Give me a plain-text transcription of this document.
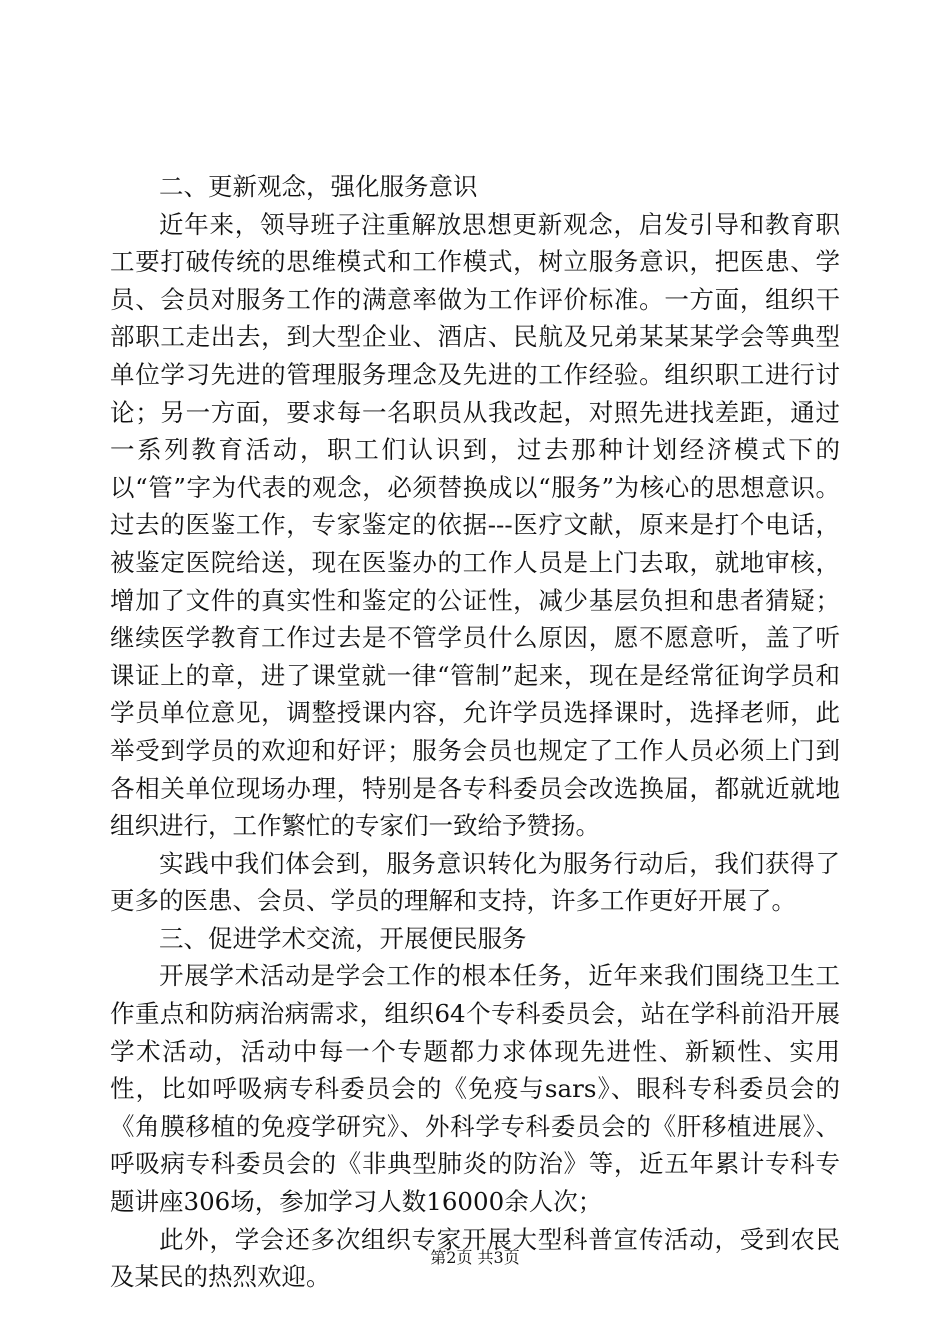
二、更新观念，强化服务意识

近年来，领导班子注重解放思想更新观念，启发引导和教育职工要打破传统的思维模式和工作模式，树立服务意识，把医患、学员、会员对服务工作的满意率做为工作评价标准。一方面，组织干部职工走出去，到大型企业、酒店、民航及兄弟某某某学会等典型单位学习先进的管理服务理念及先进的工作经验。组织职工进行讨论；另一方面，要求每一名职员从我改起，对照先进找差距，通过一系列教育活动，职工们认识到，过去那种计划经济模式下的以“管”字为代表的观念，必须替换成以“服务”为核心的思想意识。过去的医鉴工作，专家鉴定的依据---医疗文献，原来是打个电话，被鉴定医院给送，现在医鉴办的工作人员是上门去取，就地审核，增加了文件的真实性和鉴定的公证性，减少基层负担和患者猜疑；继续医学教育工作过去是不管学员什么原因，愿不愿意听，盖了听课证上的章，进了课堂就一律“管制”起来，现在是经常征询学员和学员单位意见，调整授课内容，允许学员选择课时，选择老师，此举受到学员的欢迎和好评；服务会员也规定了工作人员必须上门到各相关单位现场办理，特别是各专科委员会改选换届，都就近就地组织进行，工作繁忙的专家们一致给予赞扬。

实践中我们体会到，服务意识转化为服务行动后，我们获得了更多的医患、会员、学员的理解和支持，许多工作更好开展了。

三、促进学术交流，开展便民服务

开展学术活动是学会工作的根本任务，近年来我们围绕卫生工作重点和防病治病需求，组织64个专科委员会，站在学科前沿开展学术活动，活动中每一个专题都力求体现先进性、新颖性、实用性，比如呼吸病专科委员会的《免疫与sars》、眼科专科委员会的《角膜移植的免疫学研究》、外科学专科委员会的《肝移植进展》、呼吸病专科委员会的《非典型肺炎的防治》等，近五年累计专科专题讲座306场，参加学习人数16000余人次；

此外，学会还多次组织专家开展大型科普宣传活动，受到农民及某民的热烈欢迎。

第2页 共3页
